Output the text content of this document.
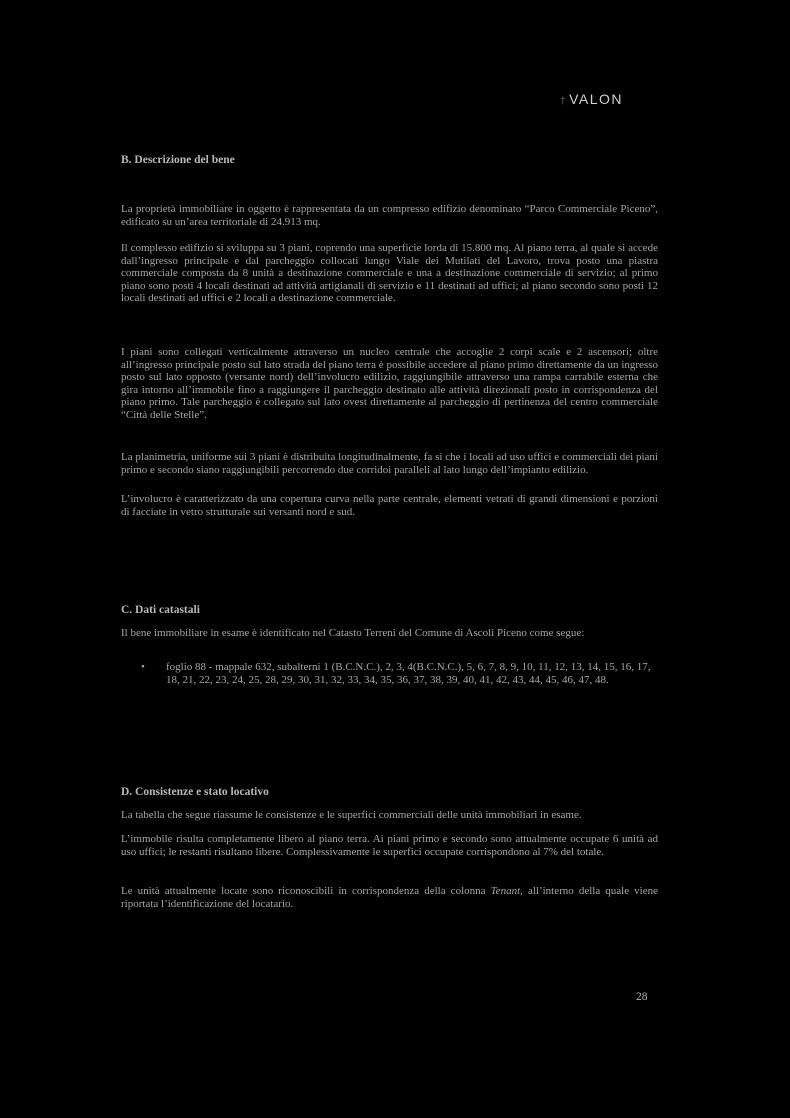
† VALON
B. Descrizione del bene

La proprietà immobiliare in oggetto è rappresentata da un compresso edifizio denominato “Parco Commerciale Piceno”, edificato su un’area territoriale di 24.913 mq.

Il complesso edifizio si sviluppa su 3 piani, coprendo una superficie lorda di 15.800 mq. Al piano terra, al quale si accede dall’ingresso principale e dal parcheggio collocati lungo Viale dei Mutilati del Lavoro, trova posto una piastra commerciale composta da 8 unità a destinazione commerciale e una a destinazione commerciale di servizio; al primo piano sono posti 4 locali destinati ad attività artigianali di servizio e 11 destinati ad uffici; al piano secondo sono posti 12 locali destinati ad uffici e 2 locali a destinazione commerciale.

I piani sono collegati verticalmente attraverso un nucleo centrale che accoglie 2 corpi scale e 2 ascensori; oltre all’ingresso principale posto sul lato strada del piano terra è possibile accedere al piano primo direttamente da un ingresso posto sul lato opposto (versante nord) dell’involucro edilizio, raggiungibile attraverso una rampa carrabile esterna che gira intorno all’immobile fino a raggiungere il parcheggio destinato alle attività direzionali posto in corrispondenza del piano primo. Tale parcheggio è collegato sul lato ovest direttamente al parcheggio di pertinenza del centro commerciale “Città delle Stelle”.

La planimetria, uniforme sui 3 piani è distribuita longitudinalmente, fa sì che i locali ad uso uffici e commerciali dei piani primo e secondo siano raggiungibili percorrendo due corridoi paralleli al lato lungo dell’impianto edilizio.

L’involucro è caratterizzato da una copertura curva nella parte centrale, elementi vetrati di grandi dimensioni e porzioni di facciate in vetro strutturale sui versanti nord e sud.

C. Dati catastali

Il bene immobiliare in esame è identificato nel Catasto Terreni del Comune di Ascoli Piceno come segue:

• foglio 88 - mappale 632, subalterni 1 (B.C.N.C.), 2, 3, 4(B.C.N.C.), 5, 6, 7, 8, 9, 10, 11, 12, 13, 14, 15, 16, 17, 18, 21, 22, 23, 24, 25, 28, 29, 30, 31, 32, 33, 34, 35, 36, 37, 38, 39, 40, 41, 42, 43, 44, 45, 46, 47, 48.
D. Consistenze e stato locativo

La tabella che segue riassume le consistenze e le superfici commerciali delle unità immobiliari in esame.

L’immobile risulta completamente libero al piano terra. Ai piani primo e secondo sono attualmente occupate 6 unità ad uso uffici; le restanti risultano libere. Complessivamente le superfici occupate corrispondono al 7% del totale.

Le unità attualmente locate sono riconoscibili in corrispondenza della colonna Tenant, all’interno della quale viene riportata l’identificazione del locatario.

28
